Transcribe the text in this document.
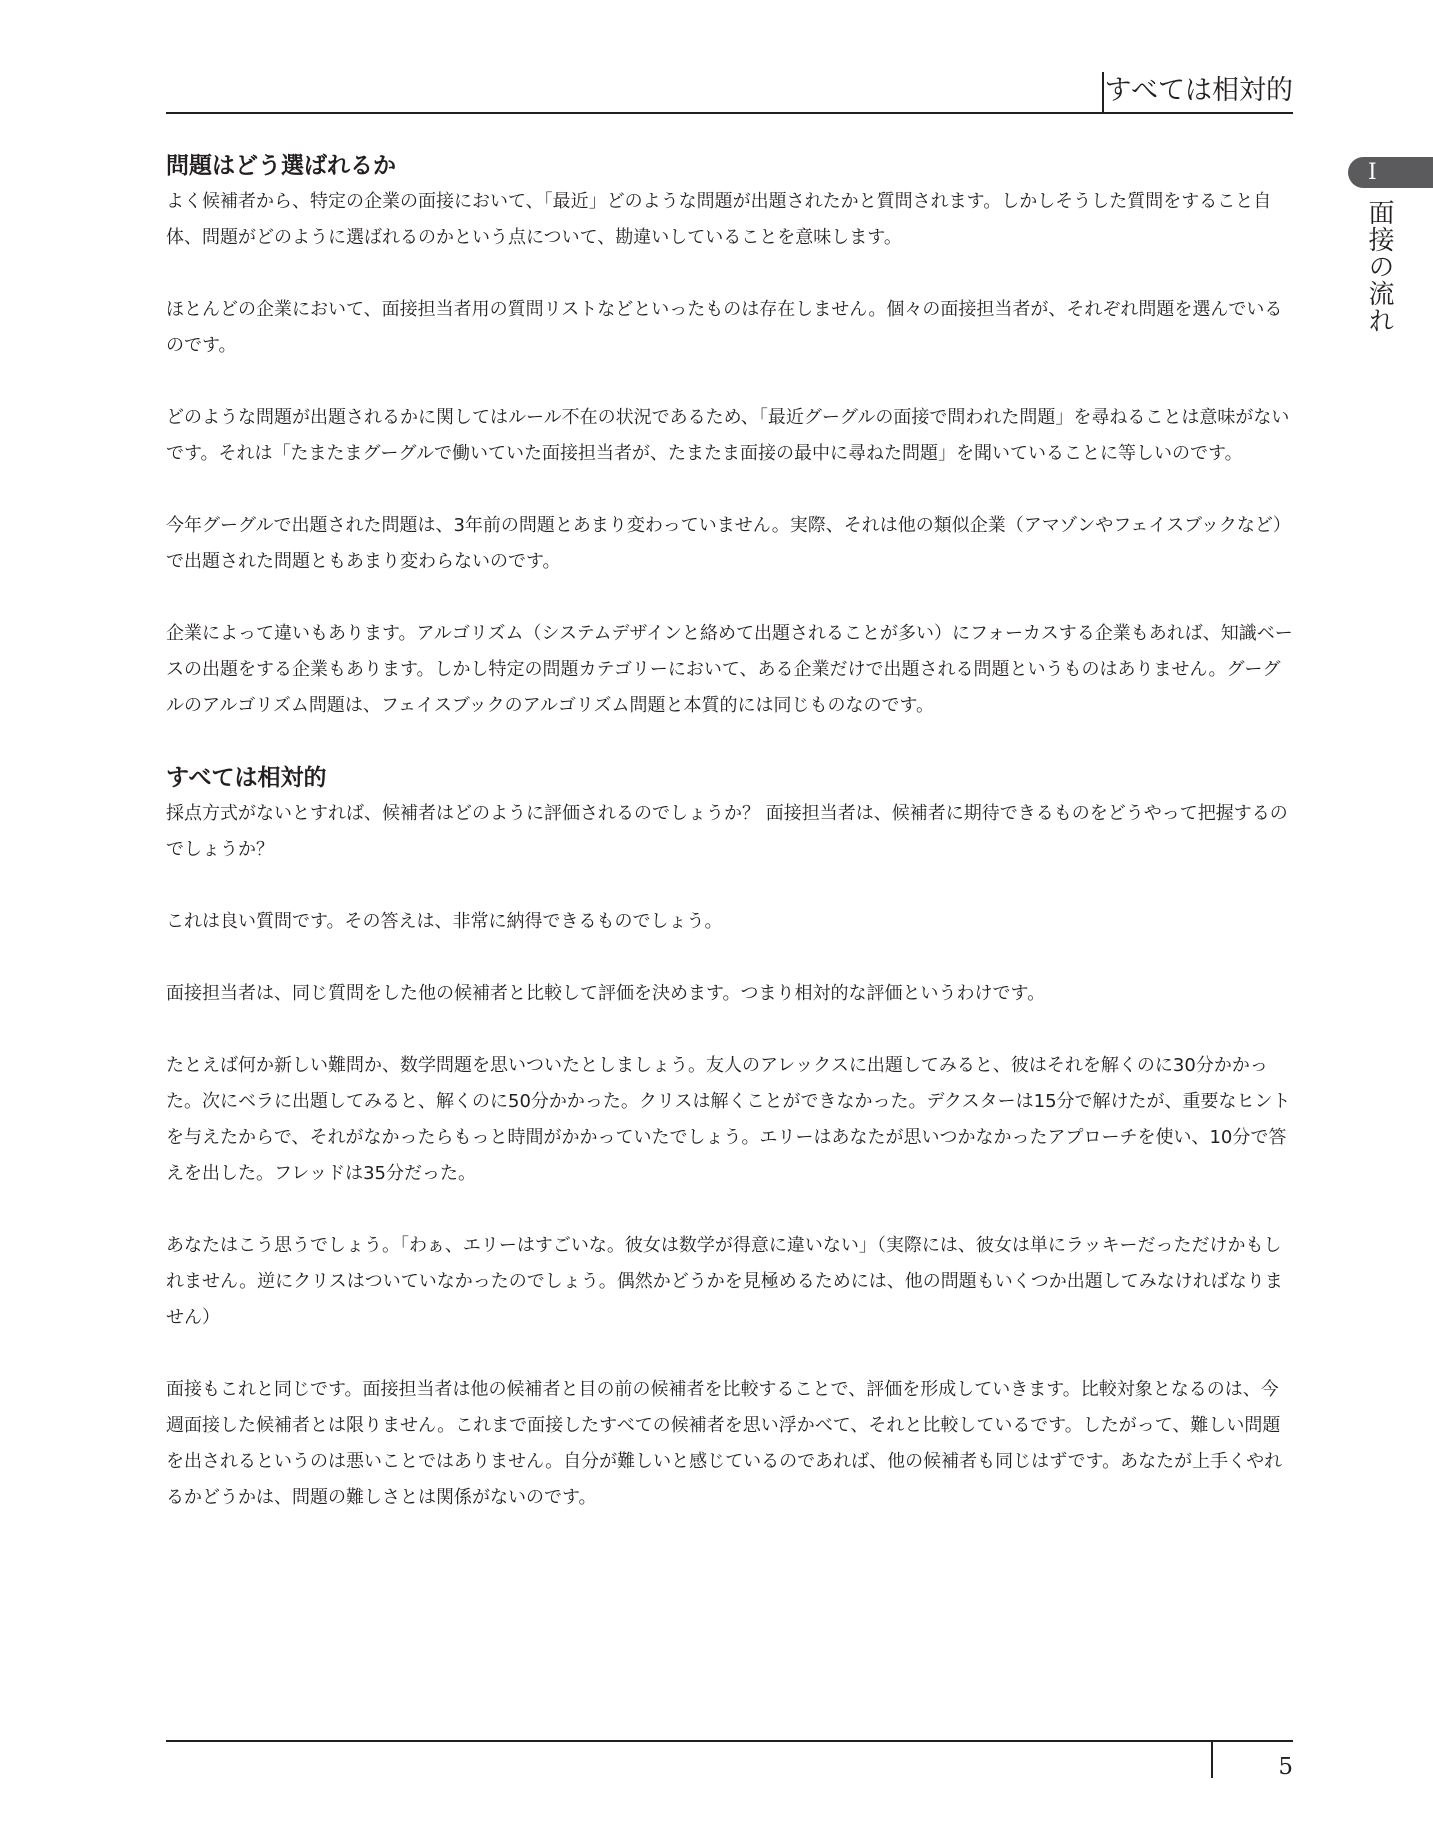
すべては相対的
I
面接の流れ
問題はどう選ばれるか

よく候補者から、特定の企業の面接において、「最近」どのような問題が出題されたかと質問されます。しかしそうした質問をすること自体、問題がどのように選ばれるのかという点について、勘違いしていることを意味します。

ほとんどの企業において、面接担当者用の質問リストなどといったものは存在しません。個々の面接担当者が、それぞれ問題を選んでいるのです。

どのような問題が出題されるかに関してはルール不在の状況であるため、「最近グーグルの面接で問われた問題」を尋ねることは意味がないです。それは「たまたまグーグルで働いていた面接担当者が、たまたま面接の最中に尋ねた問題」を聞いていることに等しいのです。

今年グーグルで出題された問題は、3年前の問題とあまり変わっていません。実際、それは他の類似企業（アマゾンやフェイスブックなど）で出題された問題ともあまり変わらないのです。

企業によって違いもあります。アルゴリズム（システムデザインと絡めて出題されることが多い）にフォーカスする企業もあれば、知識ベースの出題をする企業もあります。しかし特定の問題カテゴリーにおいて、ある企業だけで出題される問題というものはありません。グーグルのアルゴリズム問題は、フェイスブックのアルゴリズム問題と本質的には同じものなのです。

すべては相対的

採点方式がないとすれば、候補者はどのように評価されるのでしょうか？ 面接担当者は、候補者に期待できるものをどうやって把握するのでしょうか？

これは良い質問です。その答えは、非常に納得できるものでしょう。

面接担当者は、同じ質問をした他の候補者と比較して評価を決めます。つまり相対的な評価というわけです。

たとえば何か新しい難問か、数学問題を思いついたとしましょう。友人のアレックスに出題してみると、彼はそれを解くのに30分かかった。次にベラに出題してみると、解くのに50分かかった。クリスは解くことができなかった。デクスターは15分で解けたが、重要なヒントを与えたからで、それがなかったらもっと時間がかかっていたでしょう。エリーはあなたが思いつかなかったアプローチを使い、10分で答えを出した。フレッドは35分だった。

あなたはこう思うでしょう。「わぁ、エリーはすごいな。彼女は数学が得意に違いない」（実際には、彼女は単にラッキーだっただけかもしれません。逆にクリスはついていなかったのでしょう。偶然かどうかを見極めるためには、他の問題もいくつか出題してみなければなりません）

面接もこれと同じです。面接担当者は他の候補者と目の前の候補者を比較することで、評価を形成していきます。比較対象となるのは、今週面接した候補者とは限りません。これまで面接したすべての候補者を思い浮かべて、それと比較しているです。したがって、難しい問題を出されるというのは悪いことではありません。自分が難しいと感じているのであれば、他の候補者も同じはずです。あなたが上手くやれるかどうかは、問題の難しさとは関係がないのです。

5
